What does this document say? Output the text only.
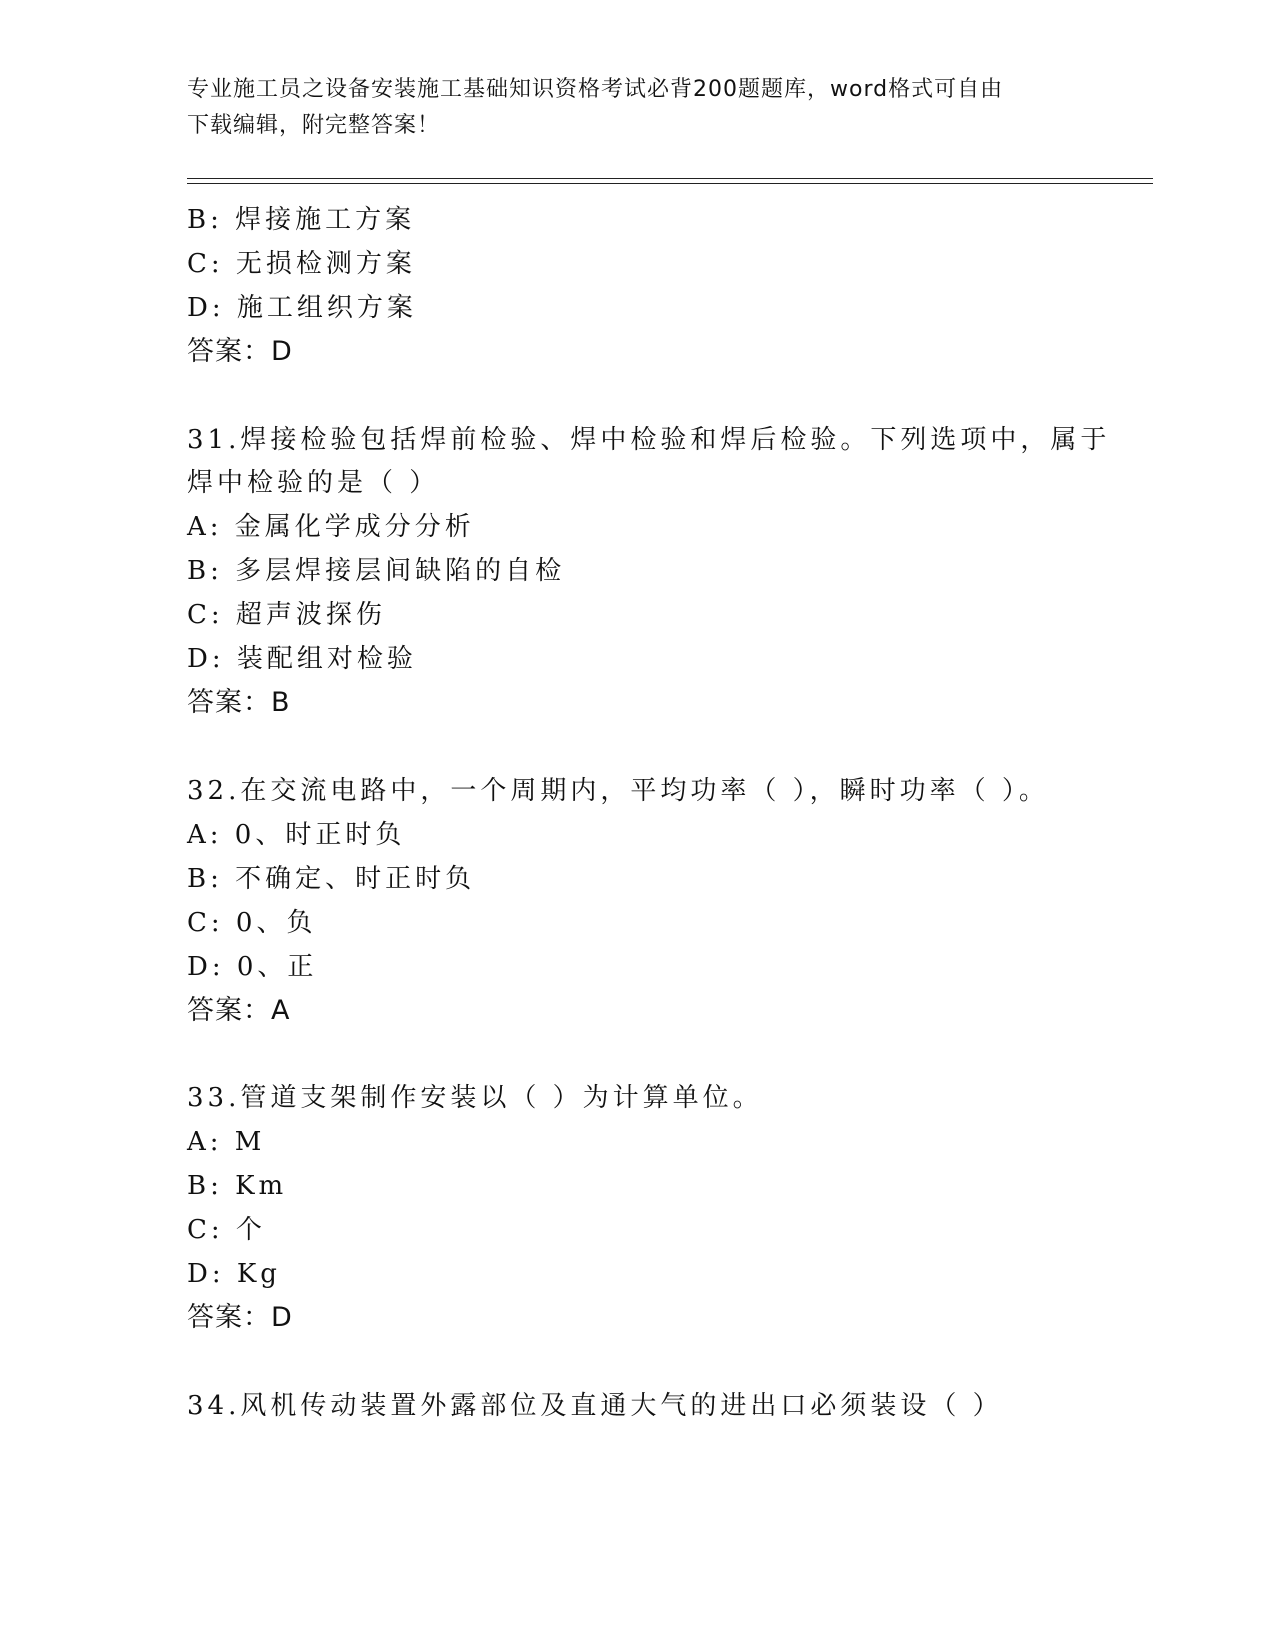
专业施工员之设备安装施工基础知识资格考试必背200题题库，word格式可自由
下载编辑，附完整答案！
B: 焊接施工方案
C: 无损检测方案
D: 施工组织方案
答案：D
31.焊接检验包括焊前检验、焊中检验和焊后检验。下列选项中，属于
焊中检验的是（ ）
A: 金属化学成分分析
B: 多层焊接层间缺陷的自检
C: 超声波探伤
D: 装配组对检验
答案：B
32.在交流电路中，一个周期内，平均功率（ ），瞬时功率（ ）。
A: 0、时正时负
B: 不确定、时正时负
C: 0、负
D: 0、正
答案：A
33.管道支架制作安装以（ ）为计算单位。
A: M
B: Km
C: 个
D: Kg
答案：D
34.风机传动装置外露部位及直通大气的进出口必须装设（ ）
